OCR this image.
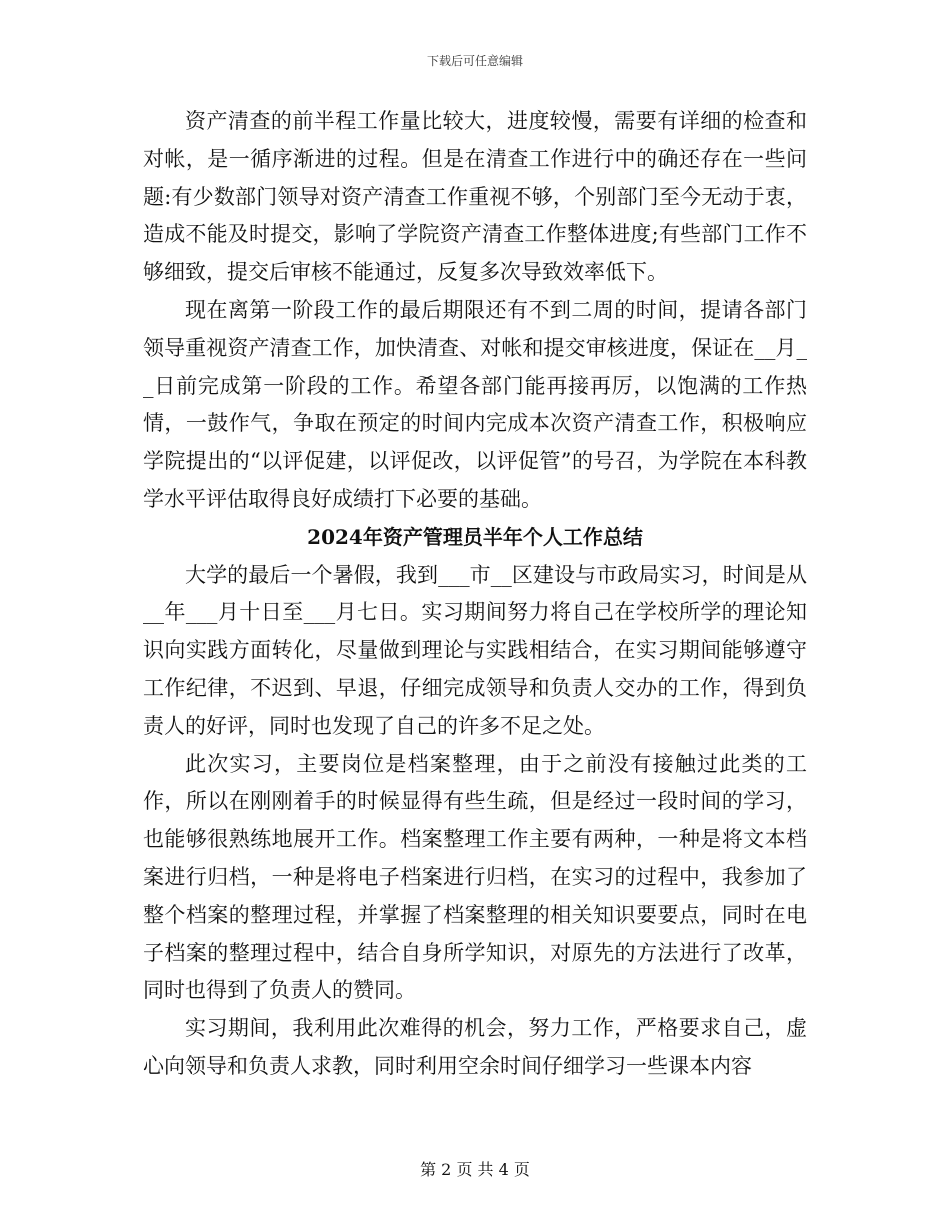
下载后可任意编辑

资产清查的前半程工作量比较大，进度较慢，需要有详细的检查和对帐，是一循序渐进的过程。但是在清查工作进行中的确还存在一些问题:有少数部门领导对资产清查工作重视不够，个别部门至今无动于衷，造成不能及时提交，影响了学院资产清查工作整体进度;有些部门工作不够细致，提交后审核不能通过，反复多次导致效率低下。

现在离第一阶段工作的最后期限还有不到二周的时间，提请各部门领导重视资产清查工作，加快清查、对帐和提交审核进度，保证在__月__日前完成第一阶段的工作。希望各部门能再接再厉，以饱满的工作热情，一鼓作气，争取在预定的时间内完成本次资产清查工作，积极响应学院提出的“以评促建，以评促改，以评促管”的号召，为学院在本科教学水平评估取得良好成绩打下必要的基础。

2024年资产管理员半年个人工作总结

大学的最后一个暑假，我到___市__区建设与市政局实习，时间是从__年___月十日至___月七日。实习期间努力将自己在学校所学的理论知识向实践方面转化，尽量做到理论与实践相结合，在实习期间能够遵守工作纪律，不迟到、早退，仔细完成领导和负责人交办的工作，得到负责人的好评，同时也发现了自己的许多不足之处。

此次实习，主要岗位是档案整理，由于之前没有接触过此类的工作，所以在刚刚着手的时候显得有些生疏，但是经过一段时间的学习，也能够很熟练地展开工作。档案整理工作主要有两种，一种是将文本档案进行归档，一种是将电子档案进行归档，在实习的过程中，我参加了整个档案的整理过程，并掌握了档案整理的相关知识要要点，同时在电子档案的整理过程中，结合自身所学知识，对原先的方法进行了改革，同时也得到了负责人的赞同。

实习期间，我利用此次难得的机会，努力工作，严格要求自己，虚心向领导和负责人求教，同时利用空余时间仔细学习一些课本内容

第 2 页 共 4 页
